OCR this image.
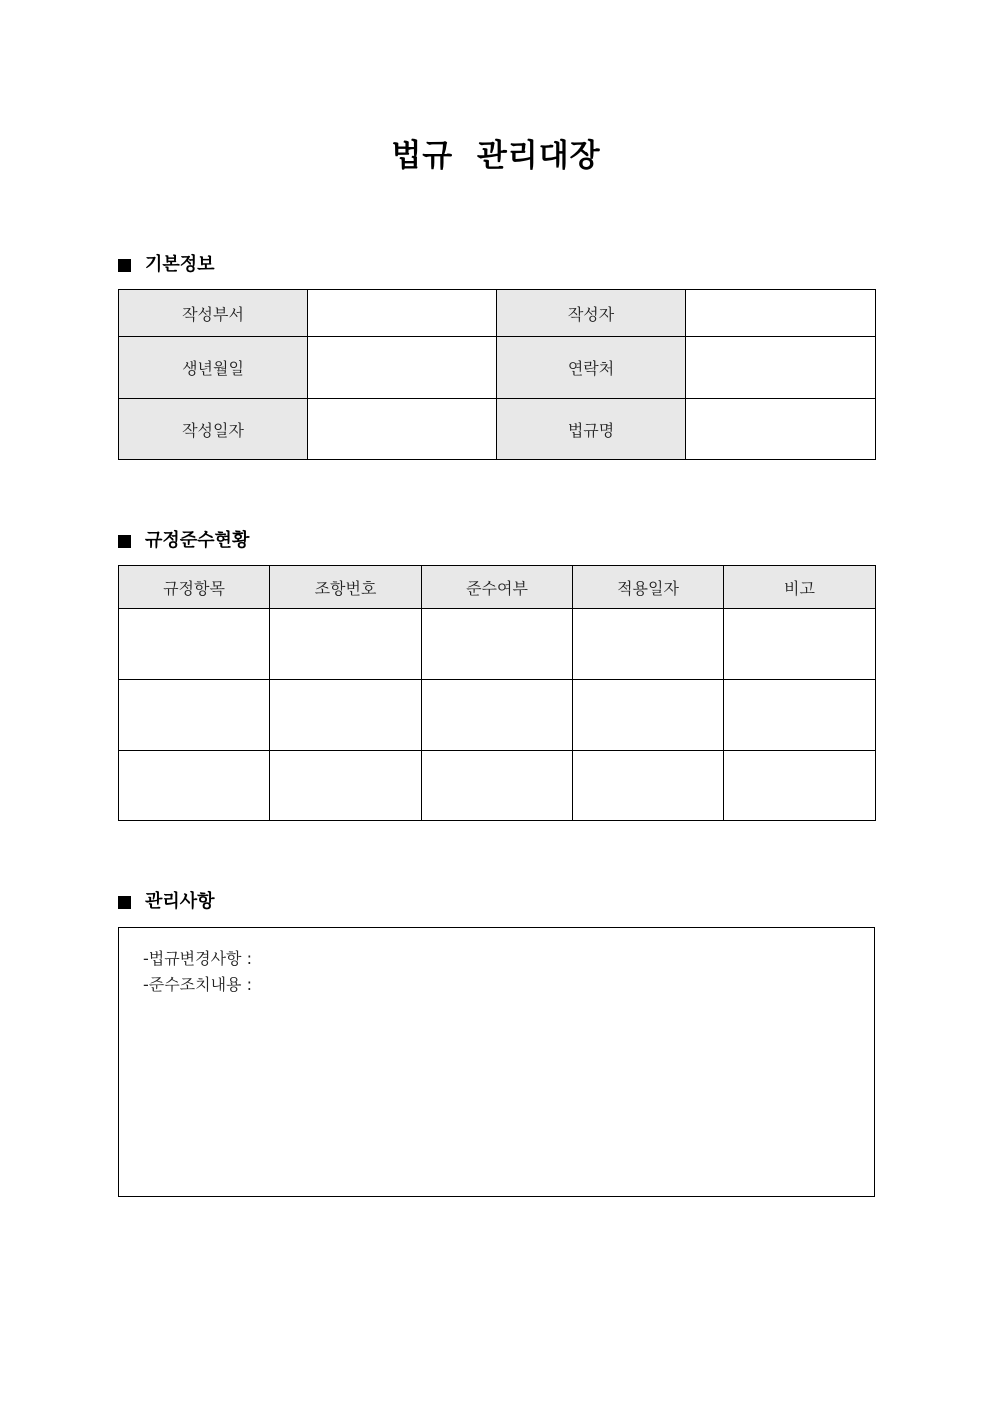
법규  관리대장
기본정보
작성부서		작성자	
생년월일		연락처	
작성일자		법규명	
규정준수현황
규정항목	조항번호	준수여부	적용일자	비고

관리사항
-법규변경사항 :
-준수조치내용 :
